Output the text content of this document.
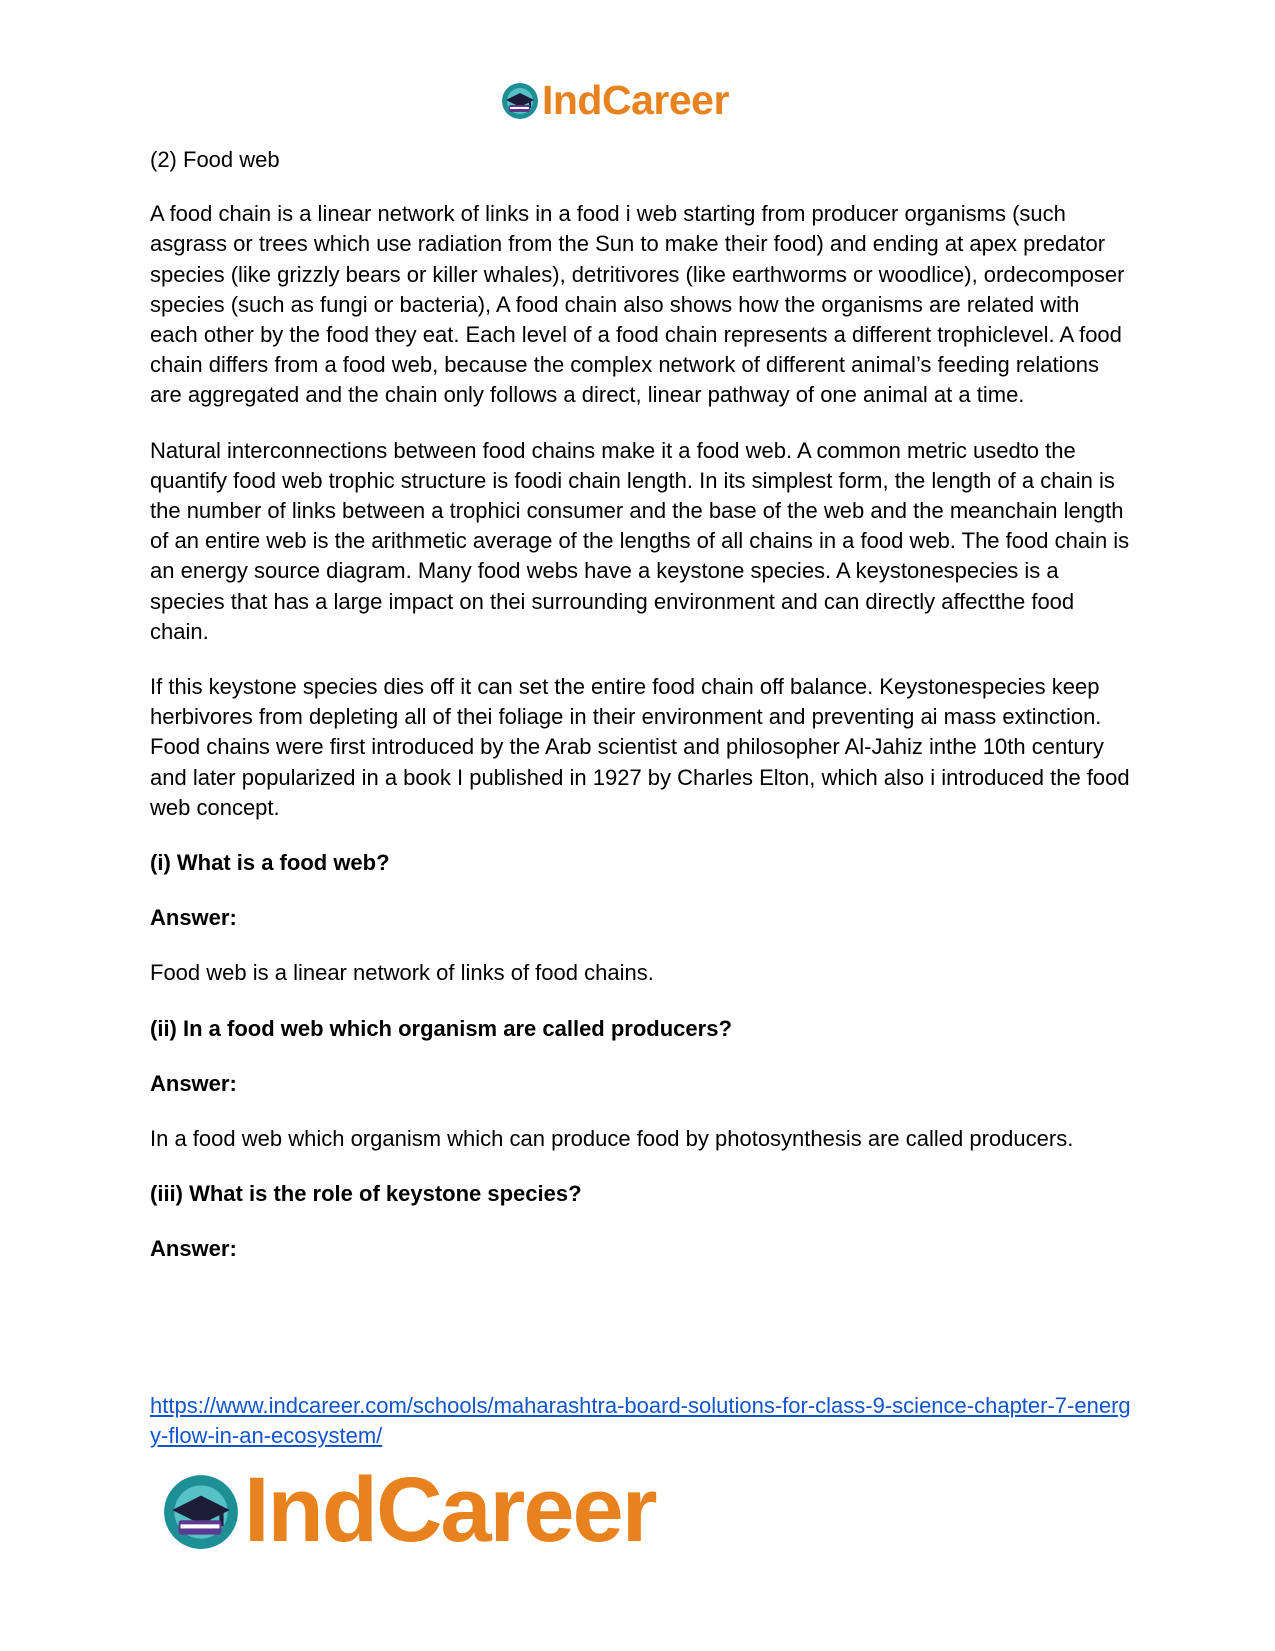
IndCareer

(2) Food web

A food chain is a linear network of links in a food i web starting from producer organisms (such asgrass or trees which use radiation from the Sun to make their food) and ending at apex predator species (like grizzly bears or killer whales), detritivores (like earthworms or woodlice), ordecomposer species (such as fungi or bacteria), A food chain also shows how the organisms are related with each other by the food they eat. Each level of a food chain represents a different trophiclevel. A food chain differs from a food web, because the complex network of different animal’s feeding relations are aggregated and the chain only follows a direct, linear pathway of one animal at a time.

Natural interconnections between food chains make it a food web. A common metric usedto the quantify food web trophic structure is foodi chain length. In its simplest form, the length of a chain is the number of links between a trophici consumer and the base of the web and the meanchain length of an entire web is the arithmetic average of the lengths of all chains in a food web. The food chain is an energy source diagram. Many food webs have a keystone species. A keystonespecies is a species that has a large impact on thei surrounding environment and can directly affectthe food chain.

If this keystone species dies off it can set the entire food chain off balance. Keystonespecies keep herbivores from depleting all of thei foliage in their environment and preventing ai mass extinction. Food chains were first introduced by the Arab scientist and philosopher Al-Jahiz inthe 10th century and later popularized in a book I published in 1927 by Charles Elton, which also i introduced the food web concept.

(i) What is a food web?

Answer:

Food web is a linear network of links of food chains.

(ii) In a food web which organism are called producers?

Answer:

In a food web which organism which can produce food by photosynthesis are called producers.

(iii) What is the role of keystone species?

Answer:

https://www.indcareer.com/schools/maharashtra-board-solutions-for-class-9-science-chapter-7-energy-flow-in-an-ecosystem/
IndCareer
